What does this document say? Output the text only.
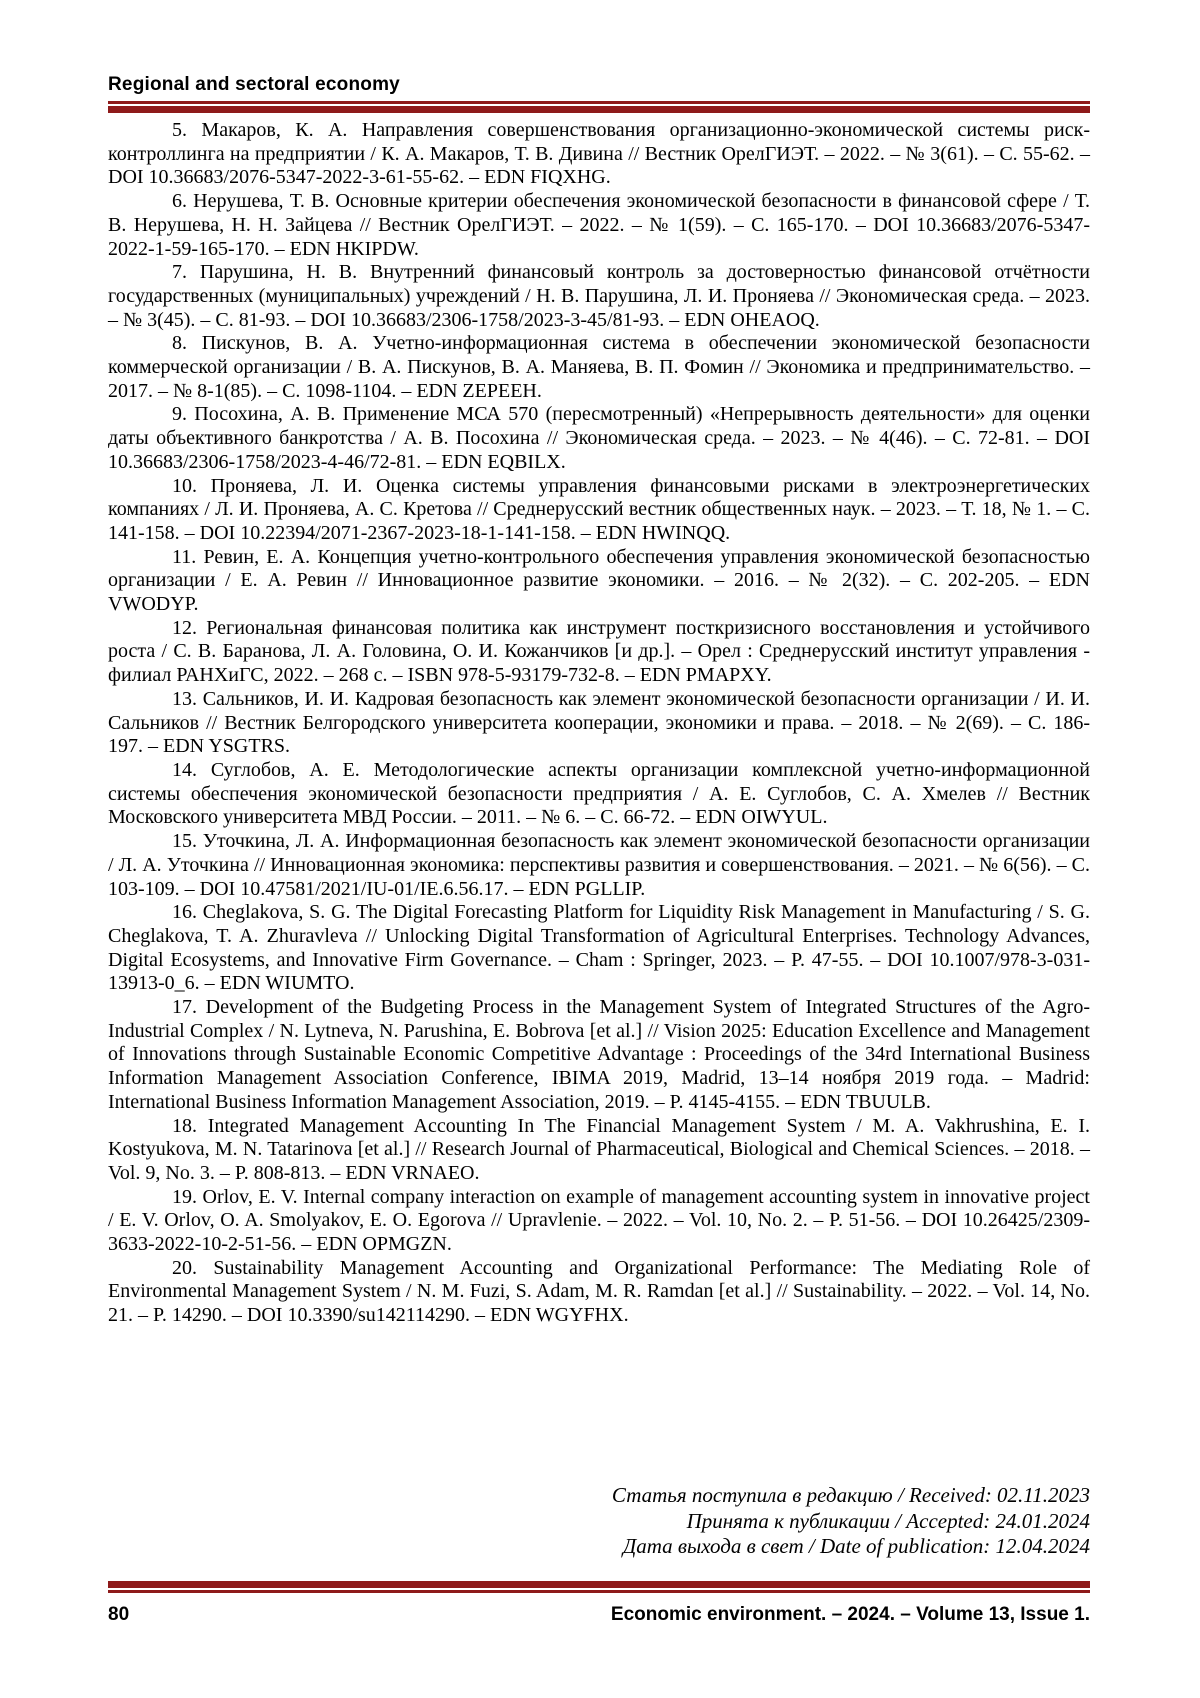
Regional and sectoral economy

5. Макаров, К. А. Направления совершенствования организационно-экономической системы риск-контроллинга на предприятии / К. А. Макаров, Т. В. Дивина // Вестник ОрелГИЭТ. – 2022. – № 3(61). – С. 55-62. – DOI 10.36683/2076-5347-2022-3-61-55-62. – EDN FIQXHG.

6. Нерушева, Т. В. Основные критерии обеспечения экономической безопасности в финансовой сфере / Т. В. Нерушева, Н. Н. Зайцева // Вестник ОрелГИЭТ. – 2022. – № 1(59). – С. 165-170. – DOI 10.36683/2076-5347-2022-1-59-165-170. – EDN HKIPDW.

7. Парушина, Н. В. Внутренний финансовый контроль за достоверностью финансовой отчётности государственных (муниципальных) учреждений / Н. В. Парушина, Л. И. Проняева // Экономическая среда. – 2023. – № 3(45). – С. 81-93. – DOI 10.36683/2306-1758/2023-3-45/81-93. – EDN OHEAOQ.

8. Пискунов, В. А. Учетно-информационная система в обеспечении экономической безопасности коммерческой организации / В. А. Пискунов, В. А. Маняева, В. П. Фомин // Экономика и предпринимательство. – 2017. – № 8-1(85). – С. 1098-1104. – EDN ZEPEEH.

9. Посохина, А. В. Применение МСА 570 (пересмотренный) «Непрерывность деятельности» для оценки даты объективного банкротства / А. В. Посохина // Экономическая среда. – 2023. – № 4(46). – С. 72-81. – DOI 10.36683/2306-1758/2023-4-46/72-81. – EDN EQBILX.

10. Проняева, Л. И. Оценка системы управления финансовыми рисками в электроэнергетических компаниях / Л. И. Проняева, А. С. Кретова // Среднерусский вестник общественных наук. – 2023. – Т. 18, № 1. – С. 141-158. – DOI 10.22394/2071-2367-2023-18-1-141-158. – EDN HWINQQ.

11. Ревин, Е. А. Концепция учетно-контрольного обеспечения управления экономической безопасностью организации / Е. А. Ревин // Инновационное развитие экономики. – 2016. – № 2(32). – С. 202-205. – EDN VWODYP.

12. Региональная финансовая политика как инструмент посткризисного восстановления и устойчивого роста / С. В. Баранова, Л. А. Головина, О. И. Кожанчиков [и др.]. – Орел : Среднерусский институт управления - филиал РАНХиГС, 2022. – 268 с. – ISBN 978-5-93179-732-8. – EDN PMAPXY.

13. Сальников, И. И. Кадровая безопасность как элемент экономической безопасности организации / И. И. Сальников // Вестник Белгородского университета кооперации, экономики и права. – 2018. – № 2(69). – С. 186-197. – EDN YSGTRS.

14. Суглобов, А. Е. Методологические аспекты организации комплексной учетно-информационной системы обеспечения экономической безопасности предприятия / А. Е. Суглобов, С. А. Хмелев // Вестник Московского университета МВД России. – 2011. – № 6. – С. 66-72. – EDN OIWYUL.

15. Уточкина, Л. А. Информационная безопасность как элемент экономической безопасности организации / Л. А. Уточкина // Инновационная экономика: перспективы развития и совершенствования. – 2021. – № 6(56). – С. 103-109. – DOI 10.47581/2021/IU-01/IE.6.56.17. – EDN PGLLIP.

16. Cheglakova, S. G. The Digital Forecasting Platform for Liquidity Risk Management in Manufacturing / S. G. Cheglakova, T. A. Zhuravleva // Unlocking Digital Transformation of Agricultural Enterprises. Technology Advances, Digital Ecosystems, and Innovative Firm Governance. – Cham : Springer, 2023. – P. 47-55. – DOI 10.1007/978-3-031-13913-0_6. – EDN WIUMTO.

17. Development of the Budgeting Process in the Management System of Integrated Structures of the Agro-Industrial Complex / N. Lytneva, N. Parushina, E. Bobrova [et al.] // Vision 2025: Education Excellence and Management of Innovations through Sustainable Economic Competitive Advantage : Proceedings of the 34rd International Business Information Management Association Conference, IBIMA 2019, Madrid, 13–14 ноября 2019 года. – Madrid: International Business Information Management Association, 2019. – P. 4145-4155. – EDN TBUULB.

18. Integrated Management Accounting In The Financial Management System / M. A. Vakhrushina, E. I. Kostyukova, M. N. Tatarinova [et al.] // Research Journal of Pharmaceutical, Biological and Chemical Sciences. – 2018. – Vol. 9, No. 3. – P. 808-813. – EDN VRNAEO.

19. Orlov, E. V. Internal company interaction on example of management accounting system in innovative project / E. V. Orlov, O. A. Smolyakov, E. O. Egorova // Upravlenie. – 2022. – Vol. 10, No. 2. – P. 51-56. – DOI 10.26425/2309-3633-2022-10-2-51-56. – EDN OPMGZN.

20. Sustainability Management Accounting and Organizational Performance: The Mediating Role of Environmental Management System / N. M. Fuzi, S. Adam, M. R. Ramdan [et al.] // Sustainability. – 2022. – Vol. 14, No. 21. – P. 14290. – DOI 10.3390/su142114290. – EDN WGYFHX.

Статья поступила в редакцию / Received: 02.11.2023

Принята к публикации / Accepted: 24.01.2024

Дата выхода в свет / Date of publication: 12.04.2024

80	Economic environment. – 2024. – Volume 13, Issue 1.
